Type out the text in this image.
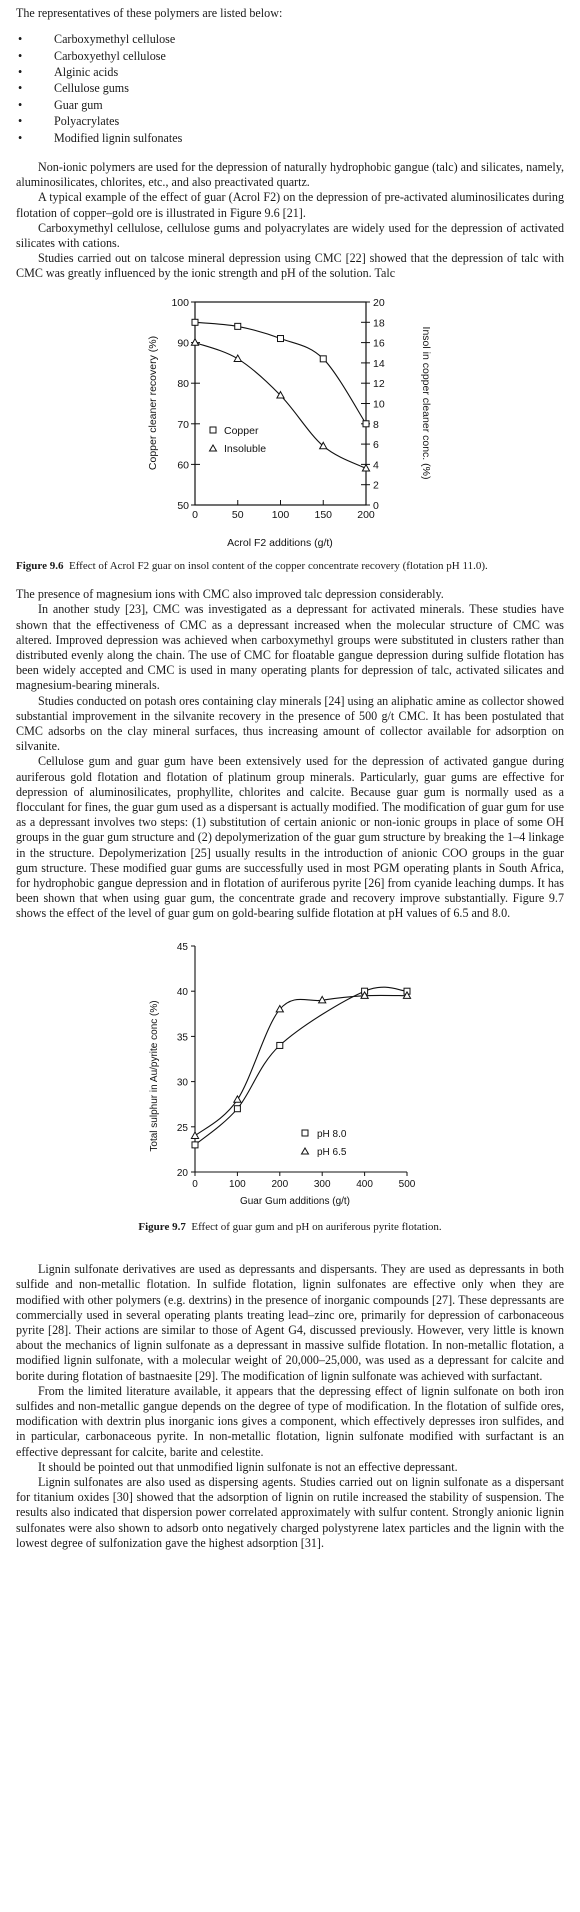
The representatives of these polymers are listed below:

• Carboxymethyl cellulose
• Carboxyethyl cellulose
• Alginic acids
• Cellulose gums
• Guar gum
• Polyacrylates
• Modified lignin sulfonates

Non-ionic polymers are used for the depression of naturally hydrophobic gangue (talc) and silicates, namely, aluminosilicates, chlorites, etc., and also preactivated quartz.

A typical example of the effect of guar (Acrol F2) on the depression of pre-activated aluminosilicates during flotation of copper–gold ore is illustrated in Figure 9.6 [21].

Carboxymethyl cellulose, cellulose gums and polyacrylates are widely used for the depression of activated silicates with cations.

Studies carried out on talcose mineral depression using CMC [22] showed that the depression of talc with CMC was greatly influenced by the ionic strength and pH of the solution. Talc

Copper cleaner recovery (%)	Insol in copper cleaner conc. (%)
Acrol F2 additions (g/t)
0	50	100 150 200
50
60
70
80
90
100
0
2
4
6
8
10
12
14
16
18
20
Copper
Insoluble

Figure 9.6 Effect of Acrol F2 guar on insol content of the copper concentrate recovery (flotation pH 11.0).

The presence of magnesium ions with CMC also improved talc depression considerably.

In another study [23], CMC was investigated as a depressant for activated minerals. These studies have shown that the effectiveness of CMC as a depressant increased when the molecular structure of CMC was altered. Improved depression was achieved when carboxymethyl groups were substituted in clusters rather than distributed evenly along the chain. The use of CMC for floatable gangue depression during sulfide flotation has been widely accepted and CMC is used in many operating plants for depression of talc, activated silicates and magnesium-bearing minerals.

Studies conducted on potash ores containing clay minerals [24] using an aliphatic amine as collector showed substantial improvement in the silvanite recovery in the presence of 500 g/t CMC. It has been postulated that CMC adsorbs on the clay mineral surfaces, thus increasing amount of collector available for adsorption on silvanite.

Cellulose gum and guar gum have been extensively used for the depression of activated gangue during auriferous gold flotation and flotation of platinum group minerals. Particularly, guar gums are effective for depression of aluminosilicates, prophyllite, chlorites and calcite. Because guar gum is normally used as a flocculant for fines, the guar gum used as a dispersant is actually modified. The modification of guar gum for use as a depressant involves two steps: (1) substitution of certain anionic or non-ionic groups in place of some OH groups in the guar gum structure and (2) depolymerization of the guar gum structure by breaking the 1–4 linkage in the structure. Depolymerization [25] usually results in the introduction of anionic COO groups in the guar gum structure. These modified guar gums are successfully used in most PGM operating plants in South Africa, for hydrophobic gangue depression and in flotation of auriferous pyrite [26] from cyanide leaching dumps. It has been shown that when using guar gum, the concentrate grade and recovery improve substantially. Figure 9.7 shows the effect of the level of guar gum on gold-bearing sulfide flotation at pH values of 6.5 and 8.0.

Total sulphur in Au/pyrite conc (%)
Guar Gum additions (g/t)
0	100	200	300	400	500
20
25
30
35
40
45
pH 8.0
pH 6.5

Figure 9.7 Effect of guar gum and pH on auriferous pyrite flotation.

Lignin sulfonate derivatives are used as depressants and dispersants. They are used as depressants in both sulfide and non-metallic flotation. In sulfide flotation, lignin sulfonates are effective only when they are modified with other polymers (e.g. dextrins) in the presence of inorganic compounds [27]. These depressants are commercially used in several operating plants treating lead–zinc ore, primarily for depression of carbonaceous pyrite [28]. Their actions are similar to those of Agent G4, discussed previously. However, very little is known about the mechanics of lignin sulfonate as a depressant in massive sulfide flotation. In non-metallic flotation, a modified lignin sulfonate, with a molecular weight of 20,000–25,000, was used as a depressant for calcite and borite during flotation of bastnaesite [29]. The modification of lignin sulfonate was achieved with surfactant.

From the limited literature available, it appears that the depressing effect of lignin sulfonate on both iron sulfides and non-metallic gangue depends on the degree of type of modification. In the flotation of sulfide ores, modification with dextrin plus inorganic ions gives a component, which effectively depresses iron sulfides, and in particular, carbonaceous pyrite. In non-metallic flotation, lignin sulfonate modified with surfactant is an effective depressant for calcite, barite and celestite.

It should be pointed out that unmodified lignin sulfonate is not an effective depressant.

Lignin sulfonates are also used as dispersing agents. Studies carried out on lignin sulfonate as a dispersant for titanium oxides [30] showed that the adsorption of lignin on rutile increased the stability of suspension. The results also indicated that dispersion power correlated approximately with sulfur content. Strongly anionic lignin sulfonates were also shown to adsorb onto negatively charged polystyrene latex particles and the lignin with the lowest degree of sulfonization gave the highest adsorption [31].
